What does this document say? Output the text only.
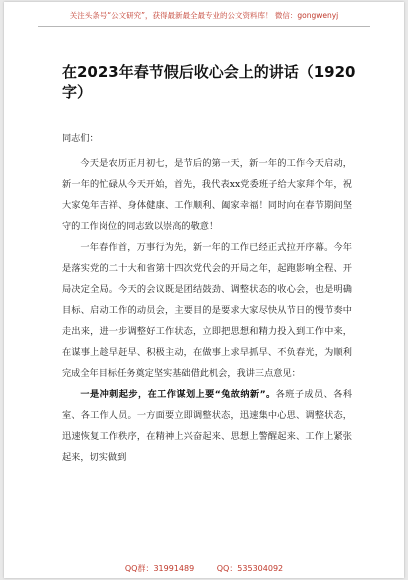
关注头条号“公文研究”，获得最新最全最专业的公文资料库！ 微信：gongwenyj
在2023年春节假后收心会上的讲话（1920字）

同志们：

今天是农历正月初七，是节后的第一天，新一年的工作今天启动，新一年的忙碌从今天开始，首先，我代表xx党委班子给大家拜个年，祝大家兔年吉祥、身体健康、工作顺利、阖家幸福！同时向在春节期间坚守的工作岗位的同志致以崇高的敬意！

一年春作首，万事行为先，新一年的工作已经正式拉开序幕。今年是落实党的二十大和省第十四次党代会的开局之年，起跑影响全程、开局决定全局。今天的会议既是团结鼓劲、调整状态的收心会，也是明确目标、启动工作的动员会，主要目的是要求大家尽快从节日的慢节奏中走出来，进一步调整好工作状态，立即把思想和精力投入到工作中来，在谋事上趁早赶早、积极主动，在做事上求早抓早、不负春光，为顺利完成全年目标任务奠定坚实基础借此机会，我讲三点意见：

一是冲刺起步，在工作谋划上要“兔故纳新”。各班子成员、各科室、各工作人员。一方面要立即调整状态，迅速集中心思、调整状态，迅速恢复工作秩序，在精神上兴奋起来、思想上警醒起来、工作上紧张起来，切实做到

QQ群：31991489	QQ：535304092
